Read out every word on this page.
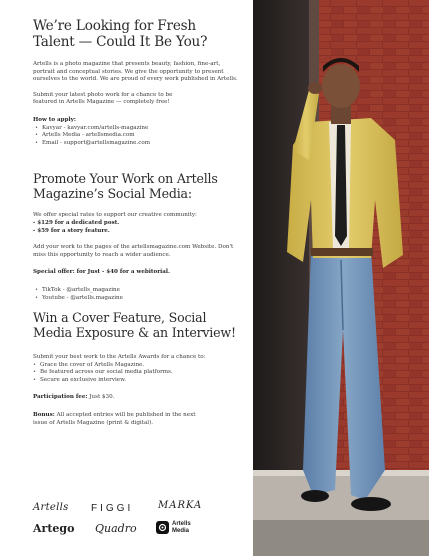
We’re Looking for Fresh Talent — Could It Be You?

Artells is a photo magazine that presents beauty, fashion, fine-art, portrait and conceptual stories. We give the opportunity to present ourselves to the world. We are proud of every work published in Artells.

Submit your latest photo work for a chance to be featured in Artells Magazine — completely free!

How to apply:

• Kavyar - kavyar.com/artells-magazine
• Artells Media - artellsmedia.com
• Email - support@artellsmagazine.com
Promote Your Work on Artells Magazine’s Social Media:

We offer special rates to support our creative community:

- $129 for a dedicated post.

- $59 for a story feature.

Add your work to the pages of the artellsmagazine.com Website. Don't miss this opportunity to reach a wider audience.

Special offer: for Just - $40 for a webitorial.

• TikTok - @artells_magazine
• Youtube - @artells.magazine
Win a Cover Feature, Social Media Exposure & an Interview!

Submit your best work to the Artells Awards for a chance to:

• Grace the cover of Artells Magazine.
• Be featured across our social media platforms.
• Secure an exclusive interview.

Participation fee: Just $30.

Bonus: All accepted entries will be published in the next issue of Artells Magazine (print & digital).

Artells FIGGI MARKA
Artego Quadro	Artells
Media
